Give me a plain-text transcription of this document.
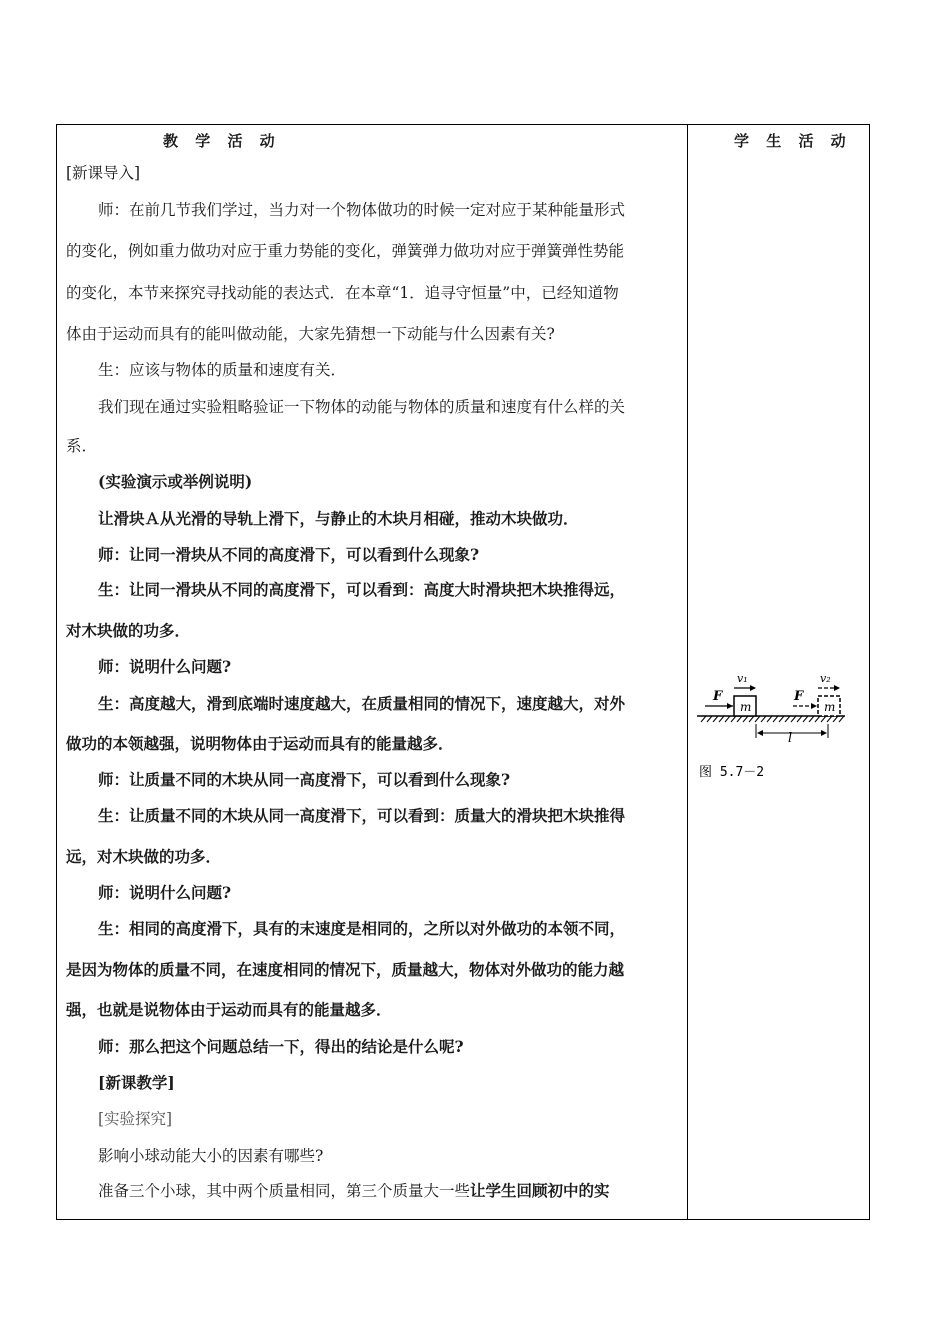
教 学 活 动	学 生 活 动
[新课导入]
师：在前几节我们学过，当力对一个物体做功的时候一定对应于某种能量形式
的变化，例如重力做功对应于重力势能的变化，弹簧弹力做功对应于弹簧弹性势能
的变化，本节来探究寻找动能的表达式．在本章“1．追寻守恒量”中，已经知道物
体由于运动而具有的能叫做动能，大家先猜想一下动能与什么因素有关?
生：应该与物体的质量和速度有关．
我们现在通过实验粗略验证一下物体的动能与物体的质量和速度有什么样的关
系．
(实验演示或举例说明)
让滑块Ａ从光滑的导轨上滑下，与静止的木块月相碰，推动木块做功．
师：让同一滑块从不同的高度滑下，可以看到什么现象?
生：让同一滑块从不同的高度滑下，可以看到：高度大时滑块把木块推得远，
对木块做的功多．
师：说明什么问题?
生：高度越大，滑到底端时速度越大，在质量相同的情况下，速度越大，对外
做功的本领越强，说明物体由于运动而具有的能量越多．
师：让质量不同的木块从同一高度滑下，可以看到什么现象?
生：让质量不同的木块从同一高度滑下，可以看到：质量大的滑块把木块推得
远，对木块做的功多．
师：说明什么问题?
生：相同的高度滑下，具有的末速度是相同的，之所以对外做功的本领不同，
是因为物体的质量不同，在速度相同的情况下，质量越大，物体对外做功的能力越
强，也就是说物体由于运动而具有的能量越多．
师：那么把这个问题总结一下，得出的结论是什么呢?
[新课教学]
[实验探究]
影响小球动能大小的因素有哪些?
准备三个小球，其中两个质量相同，第三个质量大一些让学生回顾初中的实
m
F
v₁
m
F
v₂
l
图 5.7－2
